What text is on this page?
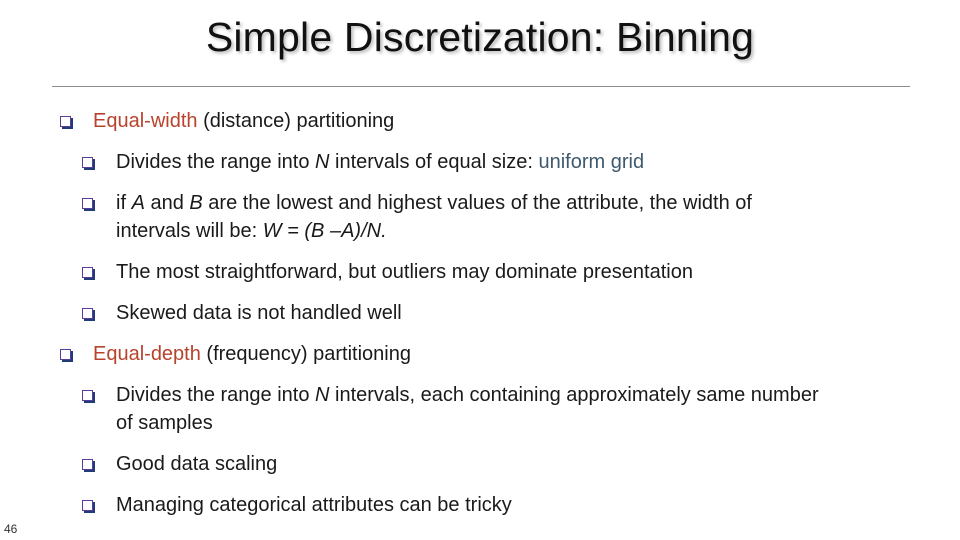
Simple Discretization: Binning
Equal-width (distance) partitioning
Divides the range into N intervals of equal size: uniform grid
if A and B are the lowest and highest values of the attribute, the width of
intervals will be: W = (B –A)/N.
The most straightforward, but outliers may dominate presentation
Skewed data is not handled well
Equal-depth (frequency) partitioning
Divides the range into N intervals, each containing approximately same number
of samples
Good data scaling
Managing categorical attributes can be tricky
46
